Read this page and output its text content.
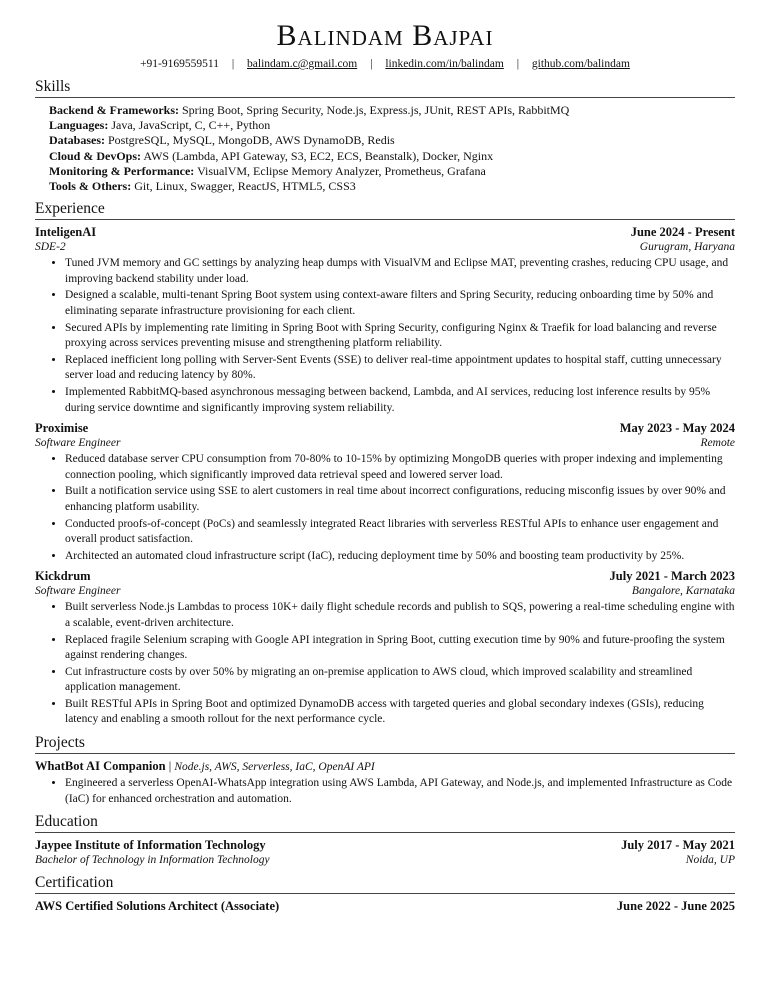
Balindam Bajpai
+91-9169559511 | balindam.c@gmail.com | linkedin.com/in/balindam | github.com/balindam
Skills
Backend & Frameworks: Spring Boot, Spring Security, Node.js, Express.js, JUnit, REST APIs, RabbitMQ
Languages: Java, JavaScript, C, C++, Python
Databases: PostgreSQL, MySQL, MongoDB, AWS DynamoDB, Redis
Cloud & DevOps: AWS (Lambda, API Gateway, S3, EC2, ECS, Beanstalk), Docker, Nginx
Monitoring & Performance: VisualVM, Eclipse Memory Analyzer, Prometheus, Grafana
Tools & Others: Git, Linux, Swagger, ReactJS, HTML5, CSS3
Experience
InteligenAI	June 2024 - Present
SDE-2	Gurugram, Haryana
• Tuned JVM memory and GC settings by analyzing heap dumps with VisualVM and Eclipse MAT, preventing crashes, reducing CPU usage, and improving backend stability under load.
• Designed a scalable, multi-tenant Spring Boot system using context-aware filters and Spring Security, reducing onboarding time by 50% and eliminating separate infrastructure provisioning for each client.
• Secured APIs by implementing rate limiting in Spring Boot with Spring Security, configuring Nginx & Traefik for load balancing and reverse proxying across services preventing misuse and strengthening platform reliability.
• Replaced inefficient long polling with Server-Sent Events (SSE) to deliver real-time appointment updates to hospital staff, cutting unnecessary server load and reducing latency by 80%.
• Implemented RabbitMQ-based asynchronous messaging between backend, Lambda, and AI services, reducing lost inference results by 95% during service downtime and significantly improving system reliability.
Proximise	May 2023 - May 2024
Software Engineer	Remote
• Reduced database server CPU consumption from 70-80% to 10-15% by optimizing MongoDB queries with proper indexing and implementing connection pooling, which significantly improved data retrieval speed and lowered server load.
• Built a notification service using SSE to alert customers in real time about incorrect configurations, reducing misconfig issues by over 90% and enhancing platform usability.
• Conducted proofs-of-concept (PoCs) and seamlessly integrated React libraries with serverless RESTful APIs to enhance user engagement and overall product satisfaction.
• Architected an automated cloud infrastructure script (IaC), reducing deployment time by 50% and boosting team productivity by 25%.
Kickdrum	July 2021 - March 2023
Software Engineer	Bangalore, Karnataka
• Built serverless Node.js Lambdas to process 10K+ daily flight schedule records and publish to SQS, powering a real-time scheduling engine with a scalable, event-driven architecture.
• Replaced fragile Selenium scraping with Google API integration in Spring Boot, cutting execution time by 90% and future-proofing the system against rendering changes.
• Cut infrastructure costs by over 50% by migrating an on-premise application to AWS cloud, which improved scalability and streamlined application management.
• Built RESTful APIs in Spring Boot and optimized DynamoDB access with targeted queries and global secondary indexes (GSIs), reducing latency and enabling a smooth rollout for the next performance cycle.
Projects
WhatBot AI Companion | Node.js, AWS, Serverless, IaC, OpenAI API
• Engineered a serverless OpenAI-WhatsApp integration using AWS Lambda, API Gateway, and Node.js, and implemented Infrastructure as Code (IaC) for enhanced orchestration and automation.
Education
Jaypee Institute of Information Technology	July 2017 - May 2021
Bachelor of Technology in Information Technology	Noida, UP
Certification
AWS Certified Solutions Architect (Associate)	June 2022 - June 2025
